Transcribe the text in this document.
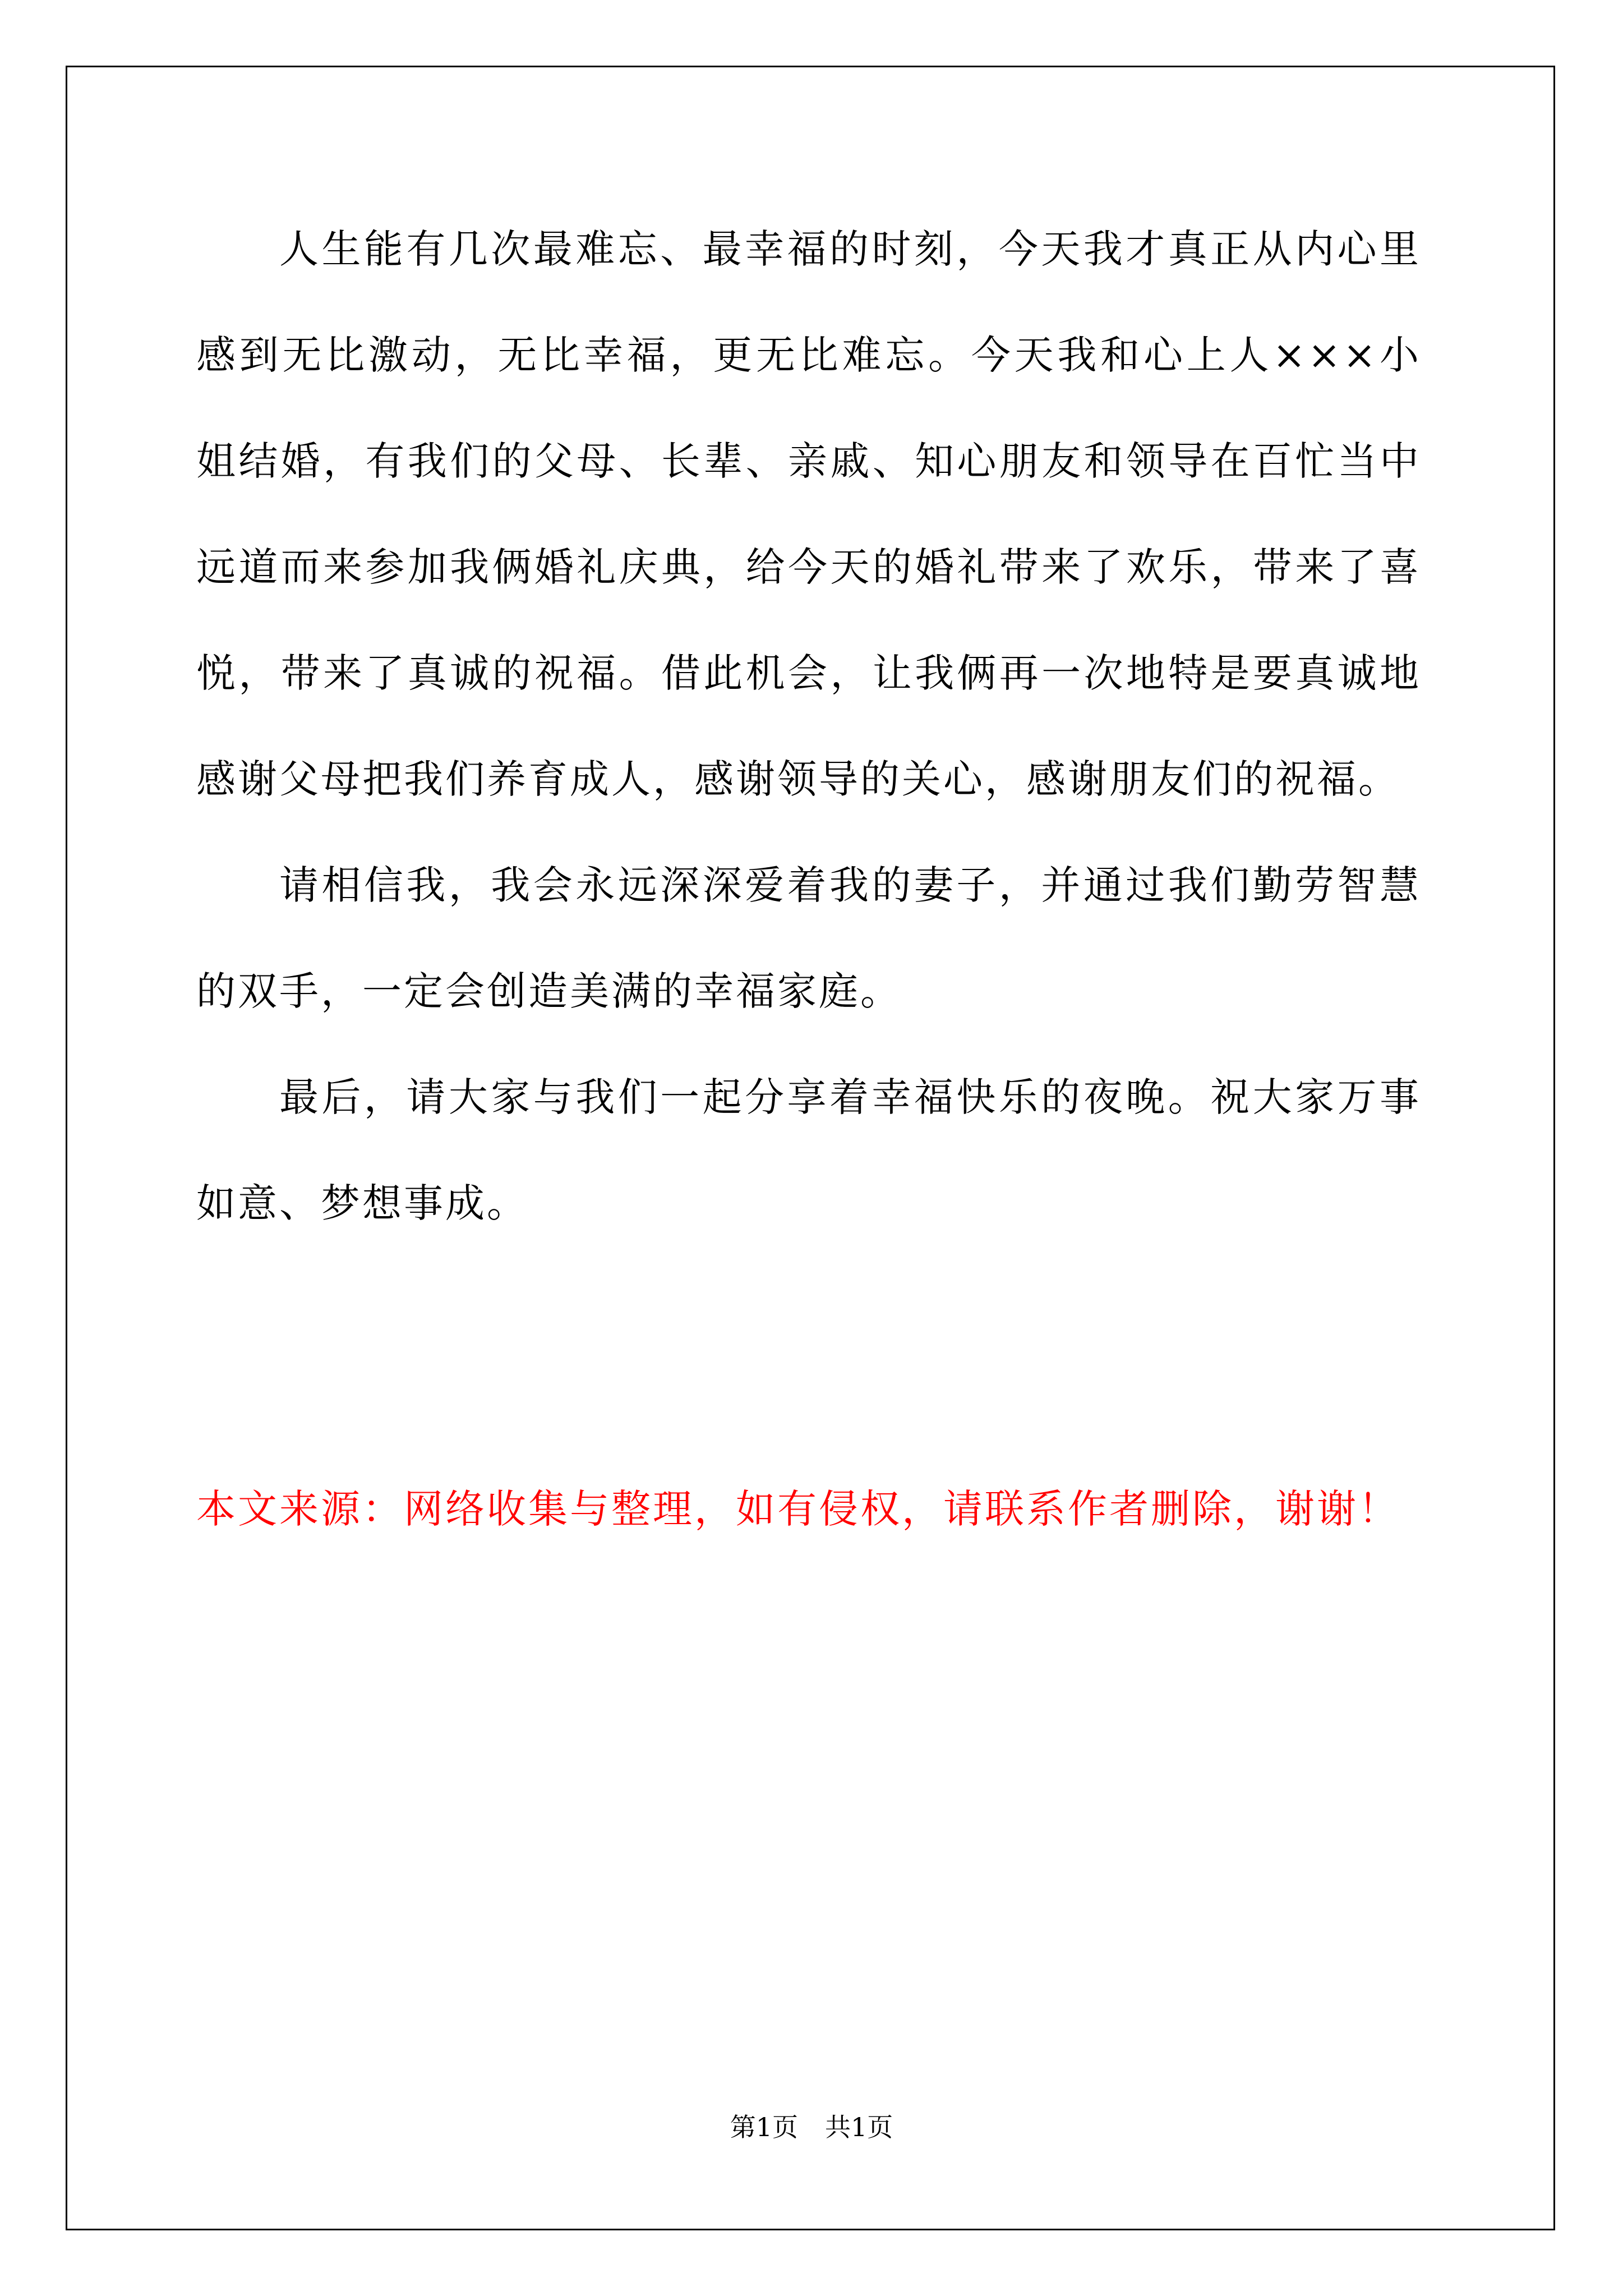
人生能有几次最难忘、最幸福的时刻，今天我才真正从内心里感到无比激动，无比幸福，更无比难忘。今天我和心上人×××小姐结婚，有我们的父母、长辈、亲戚、知心朋友和领导在百忙当中远道而来参加我俩婚礼庆典，给今天的婚礼带来了欢乐，带来了喜悦，带来了真诚的祝福。借此机会，让我俩再一次地特是要真诚地感谢父母把我们养育成人，感谢领导的关心，感谢朋友们的祝福。

请相信我，我会永远深深爱着我的妻子，并通过我们勤劳智慧的双手，一定会创造美满的幸福家庭。

最后，请大家与我们一起分享着幸福快乐的夜晚。祝大家万事如意、梦想事成。

本文来源：网络收集与整理，如有侵权，请联系作者删除，谢谢！
第1页 共1页
